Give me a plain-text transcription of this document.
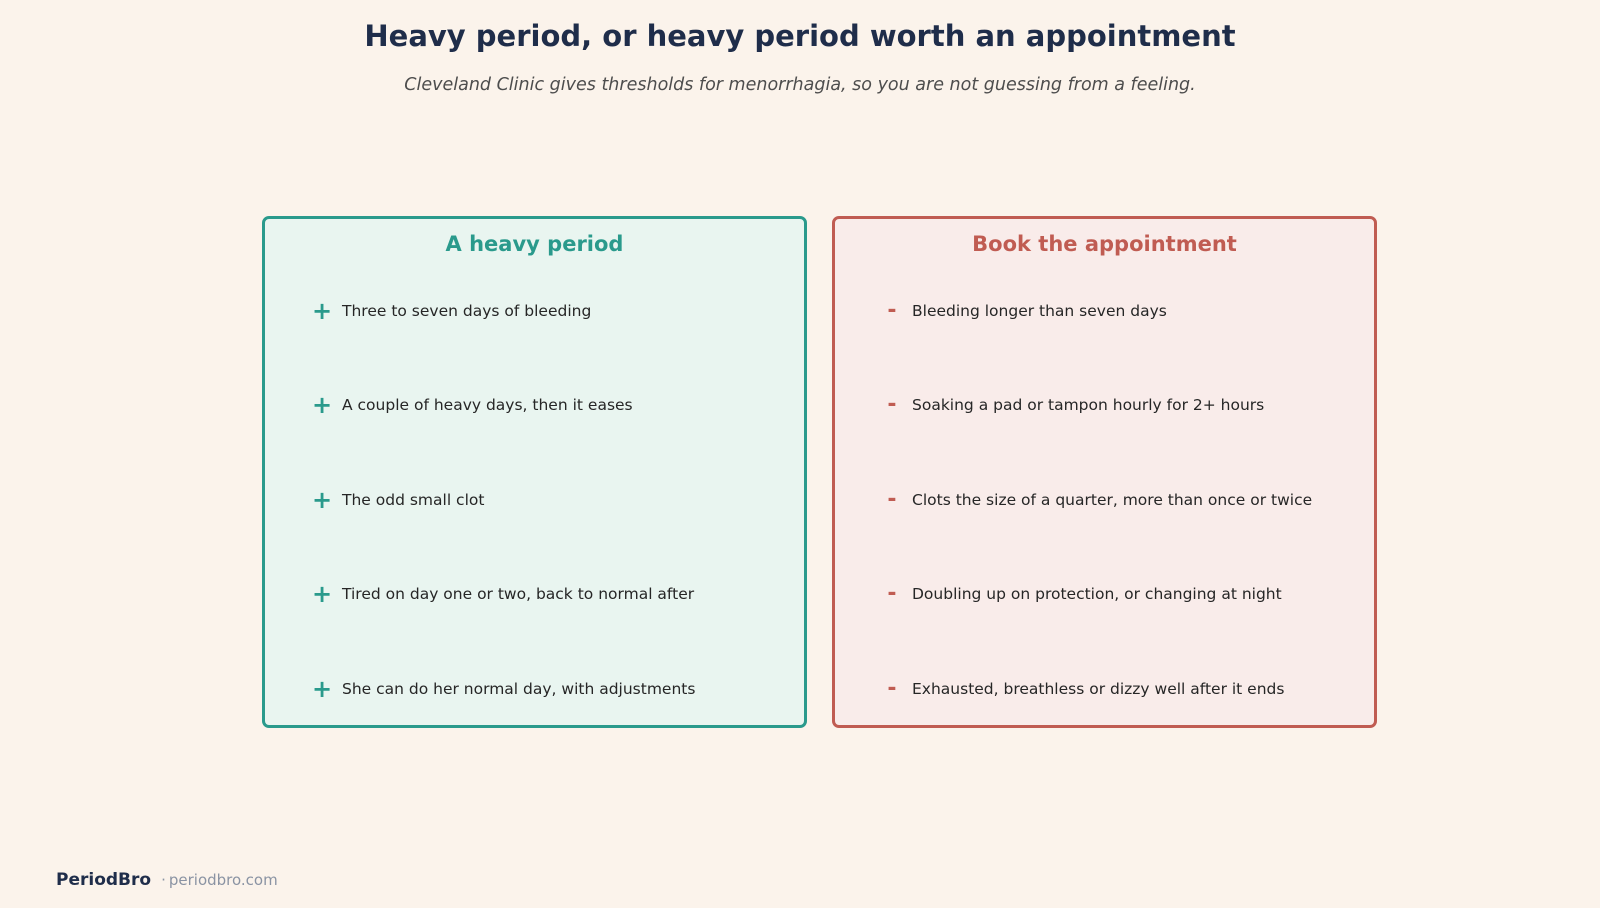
Heavy period, or heavy period worth an appointment
Cleveland Clinic gives thresholds for menorrhagia, so you are not guessing from a feeling.
A heavy period
+ Three to seven days of bleeding
+ A couple of heavy days, then it eases
+ The odd small clot
+ Tired on day one or two, back to normal after
+ She can do her normal day, with adjustments
Book the appointment
- Bleeding longer than seven days
- Soaking a pad or tampon hourly for 2+ hours
- Clots the size of a quarter, more than once or twice
- Doubling up on protection, or changing at night
- Exhausted, breathless or dizzy well after it ends
PeriodBro · periodbro.com
